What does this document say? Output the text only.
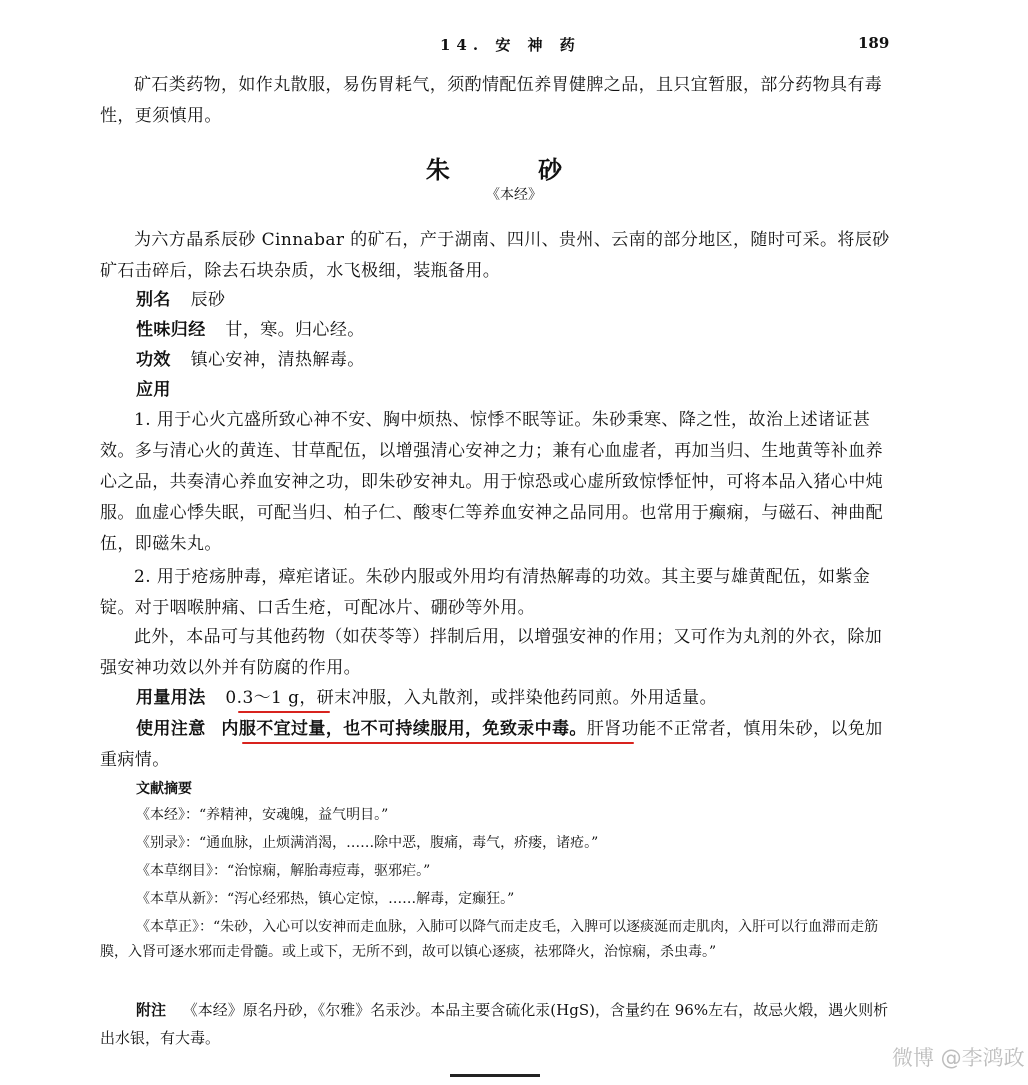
14. 安 神 药	189
矿石类药物，如作丸散服，易伤胃耗气，须酌情配伍养胃健脾之品，且只宜暂服，部分药物具有毒性，更须慎用。
朱 砂
《本经》
为六方晶系辰砂 Cinnabar 的矿石，产于湖南、四川、贵州、云南的部分地区，随时可采。将辰砂矿石击碎后，除去石块杂质，水飞极细，装瓶备用。
别名 辰砂
性味归经 甘，寒。归心经。
功效 镇心安神，清热解毒。
应用
1. 用于心火亢盛所致心神不安、胸中烦热、惊悸不眠等证。朱砂秉寒、降之性，故治上述诸证甚效。多与清心火的黄连、甘草配伍，以增强清心安神之力；兼有心血虚者，再加当归、生地黄等补血养心之品，共奏清心养血安神之功，即朱砂安神丸。用于惊恐或心虚所致惊悸怔忡，可将本品入猪心中炖服。血虚心悸失眠，可配当归、柏子仁、酸枣仁等养血安神之品同用。也常用于癫痫，与磁石、神曲配伍，即磁朱丸。
2. 用于疮疡肿毒，瘴疟诸证。朱砂内服或外用均有清热解毒的功效。其主要与雄黄配伍，如紫金锭。对于咽喉肿痛、口舌生疮，可配冰片、硼砂等外用。
此外，本品可与其他药物（如茯苓等）拌制后用，以增强安神的作用；又可作为丸剂的外衣，除加强安神功效以外并有防腐的作用。
用量用法 0.3～1 g，研末冲服，入丸散剂，或拌染他药同煎。外用适量。
使用注意 内服不宜过量，也不可持续服用，免致汞中毒。肝肾功能不正常者，慎用朱砂，以免加重病情。
文献摘要
《本经》：“养精神，安魂魄，益气明目。”
《别录》：“通血脉，止烦满消渴，……除中恶，腹痛，毒气，疥瘘，诸疮。”
《本草纲目》：“治惊痫，解胎毒痘毒，驱邪疟。”
《本草从新》：“泻心经邪热，镇心定惊，……解毒，定癫狂。”
《本草正》：“朱砂，入心可以安神而走血脉，入肺可以降气而走皮毛，入脾可以逐痰涎而走肌肉，入肝可以行血滞而走筋膜，入肾可逐水邪而走骨髓。或上或下，无所不到，故可以镇心逐痰，祛邪降火，治惊痫，杀虫毒。”
附注 《本经》原名丹砂，《尔雅》名汞沙。本品主要含硫化汞(HgS)，含量约在 96%左右，故忌火煅，遇火则析出水银，有大毒。
微博 @李鸿政
